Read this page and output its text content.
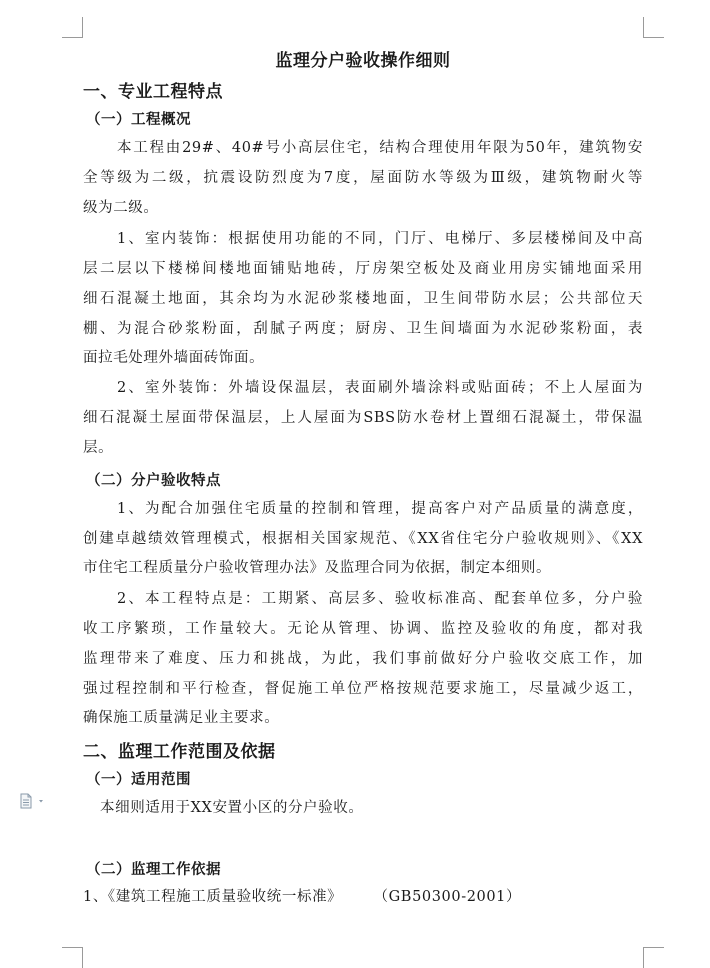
监理分户验收操作细则
一、专业工程特点
（一）工程概况
本工程由29#、40#号小高层住宅，结构合理使用年限为50年，建筑物安
全等级为二级，抗震设防烈度为7度，屋面防水等级为Ⅲ级，建筑物耐火等
级为二级。
1、室内装饰：根据使用功能的不同，门厅、电梯厅、多层楼梯间及中高
层二层以下楼梯间楼地面铺贴地砖，厅房架空板处及商业用房实铺地面采用
细石混凝土地面，其余均为水泥砂浆楼地面，卫生间带防水层；公共部位天
棚、为混合砂浆粉面，刮腻子两度；厨房、卫生间墙面为水泥砂浆粉面，表
面拉毛处理外墙面砖饰面。
2、室外装饰：外墙设保温层，表面刷外墙涂料或贴面砖；不上人屋面为
细石混凝土屋面带保温层，上人屋面为SBS防水卷材上置细石混凝土，带保温
层。
（二）分户验收特点
1、为配合加强住宅质量的控制和管理，提高客户对产品质量的满意度，
创建卓越绩效管理模式，根据相关国家规范、《XX省住宅分户验收规则》、《XX
市住宅工程质量分户验收管理办法》及监理合同为依据，制定本细则。
2、本工程特点是：工期紧、高层多、验收标准高、配套单位多，分户验
收工序繁琐，工作量较大。无论从管理、协调、监控及验收的角度，都对我
监理带来了难度、压力和挑战，为此，我们事前做好分户验收交底工作，加
强过程控制和平行检查，督促施工单位严格按规范要求施工，尽量减少返工，
确保施工质量满足业主要求。
二、监理工作范围及依据
（一）适用范围
本细则适用于XX安置小区的分户验收。
（二）监理工作依据
1、《建筑工程施工质量验收统一标准》      （GB50300-2001）
